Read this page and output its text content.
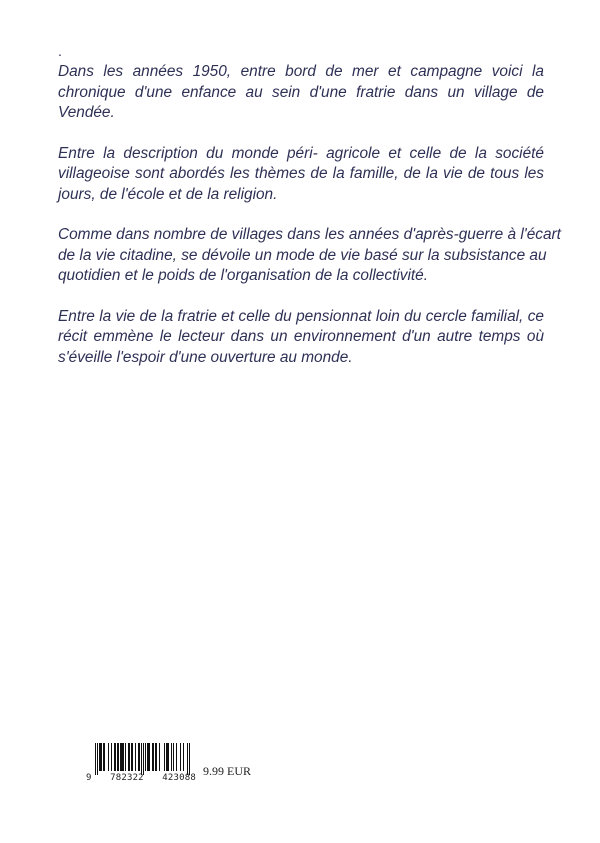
.

Dans les années 1950, entre bord de mer et campagne voici la
chronique d'une enfance au sein d'une fratrie dans un village de
Vendée.

Entre la description du monde péri- agricole et celle de la société
villageoise sont abordés les thèmes de la famille, de la vie de tous les
jours, de l'école et de la religion.

Comme dans nombre de villages dans les années d'après-guerre à l'écart
de la vie citadine, se dévoile un mode de vie basé sur la subsistance au
quotidien et le poids de l'organisation de la collectivité.

Entre la vie de la fratrie et celle du pensionnat loin du cercle familial, ce
récit emmène le lecteur dans un environnement d'un autre temps où
s'éveille l'espoir d'une ouverture au monde.

9 782322 423088 9.99 EUR
